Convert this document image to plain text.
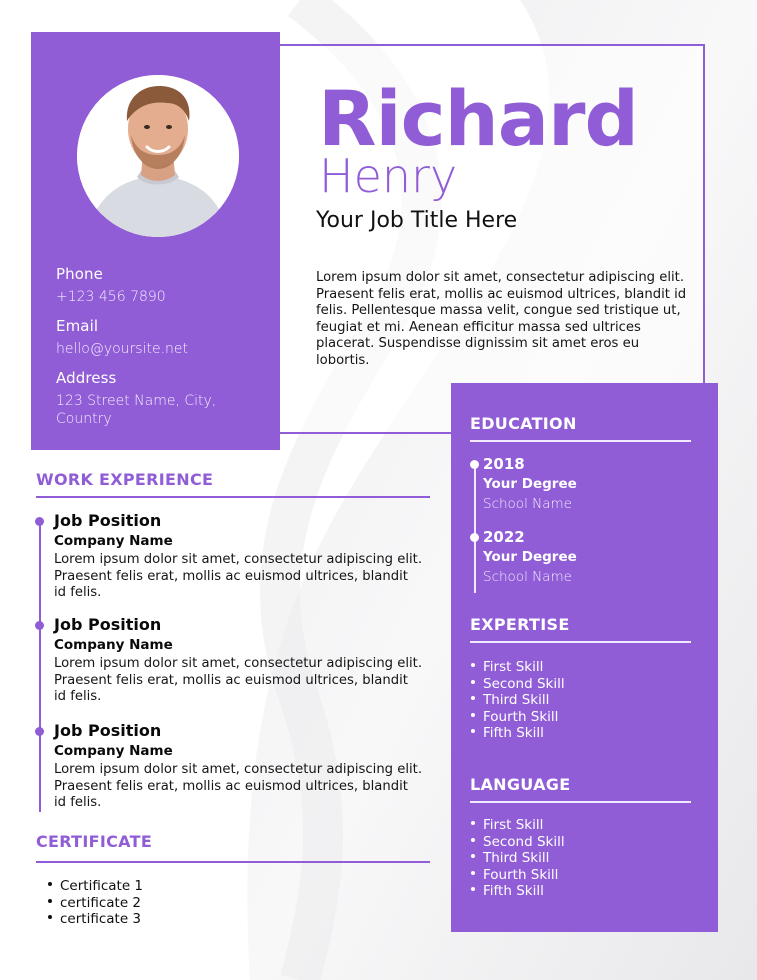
Phone
+123 456 7890
Email
hello@yoursite.net
Address
123 Street Name, City, Country
Richard
Henry
Your Job Title Here
Lorem ipsum dolor sit amet, consectetur adipiscing elit. Praesent felis erat, mollis ac euismod ultrices, blandit id felis. Pellentesque massa velit, congue sed tristique ut, feugiat et mi. Aenean efficitur massa sed ultrices placerat. Suspendisse dignissim sit amet eros eu lobortis.
WORK EXPERIENCE
Job Position
Company Name
Lorem ipsum dolor sit amet, consectetur adipiscing elit. Praesent felis erat, mollis ac euismod ultrices, blandit id felis.
Job Position
Company Name
Lorem ipsum dolor sit amet, consectetur adipiscing elit. Praesent felis erat, mollis ac euismod ultrices, blandit id felis.
Job Position
Company Name
Lorem ipsum dolor sit amet, consectetur adipiscing elit. Praesent felis erat, mollis ac euismod ultrices, blandit id felis.
CERTIFICATE
Certificate 1
certificate 2
certificate 3
EDUCATION
2018
Your Degree
School Name
2022
Your Degree
School Name
EXPERTISE
First Skill
Second Skill
Third Skill
Fourth Skill
Fifth Skill
LANGUAGE
First Skill
Second Skill
Third Skill
Fourth Skill
Fifth Skill
